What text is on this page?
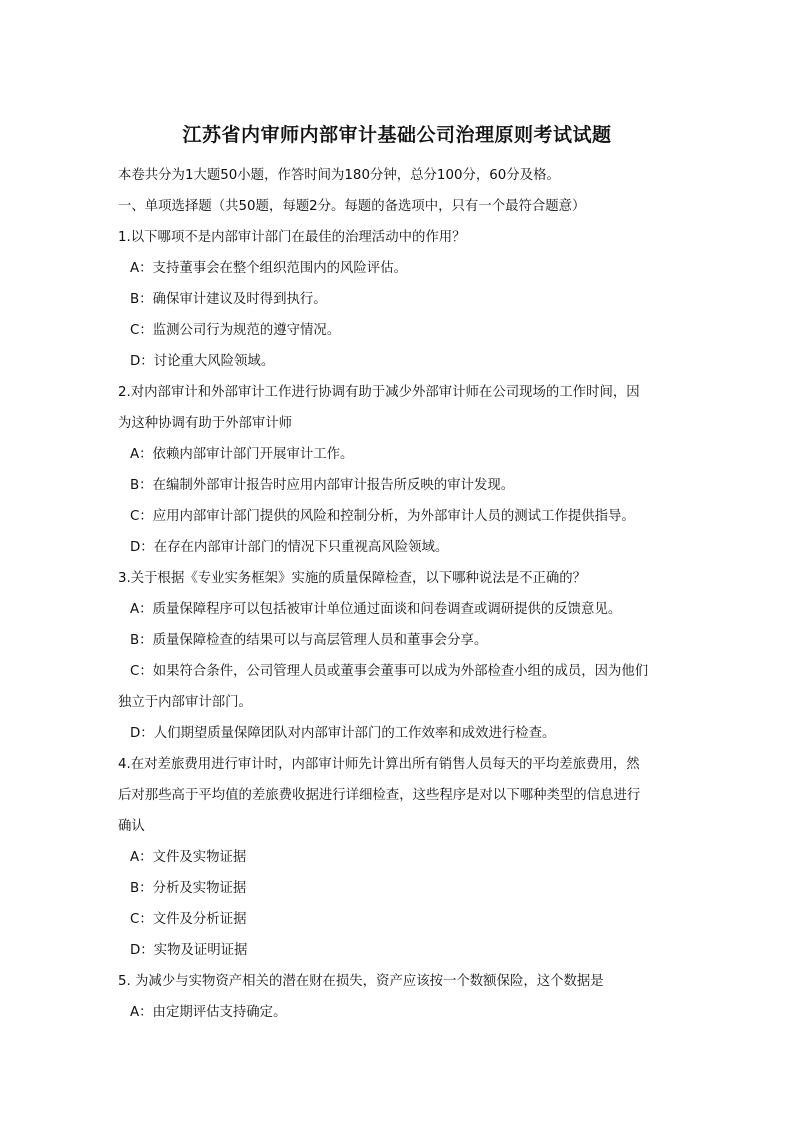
江苏省内审师内部审计基础公司治理原则考试试题

本卷共分为1大题50小题，作答时间为180分钟，总分100分，60分及格。

一、单项选择题（共50题，每题2分。每题的备选项中，只有一个最符合题意）

1.以下哪项不是内部审计部门在最佳的治理活动中的作用？

A：支持董事会在整个组织范围内的风险评估。

B：确保审计建议及时得到执行。

C：监测公司行为规范的遵守情况。

D：讨论重大风险领域。

2.对内部审计和外部审计工作进行协调有助于减少外部审计师在公司现场的工作时间，因

为这种协调有助于外部审计师

A：依赖内部审计部门开展审计工作。

B：在编制外部审计报告时应用内部审计报告所反映的审计发现。

C：应用内部审计部门提供的风险和控制分析，为外部审计人员的测试工作提供指导。

D：在存在内部审计部门的情况下只重视高风险领域。

3.关于根据《专业实务框架》实施的质量保障检查，以下哪种说法是不正确的？

A：质量保障程序可以包括被审计单位通过面谈和问卷调查或调研提供的反馈意见。

B：质量保障检查的结果可以与高层管理人员和董事会分享。

C：如果符合条件，公司管理人员或董事会董事可以成为外部检查小组的成员，因为他们

独立于内部审计部门。

D：人们期望质量保障团队对内部审计部门的工作效率和成效进行检查。

4.在对差旅费用进行审计时，内部审计师先计算出所有销售人员每天的平均差旅费用，然

后对那些高于平均值的差旅费收据进行详细检查，这些程序是对以下哪种类型的信息进行

确认

A：文件及实物证据

B：分析及实物证据

C：文件及分析证据

D：实物及证明证据

5. 为减少与实物资产相关的潜在财在损失，资产应该按一个数额保险，这个数据是

A：由定期评估支持确定。
